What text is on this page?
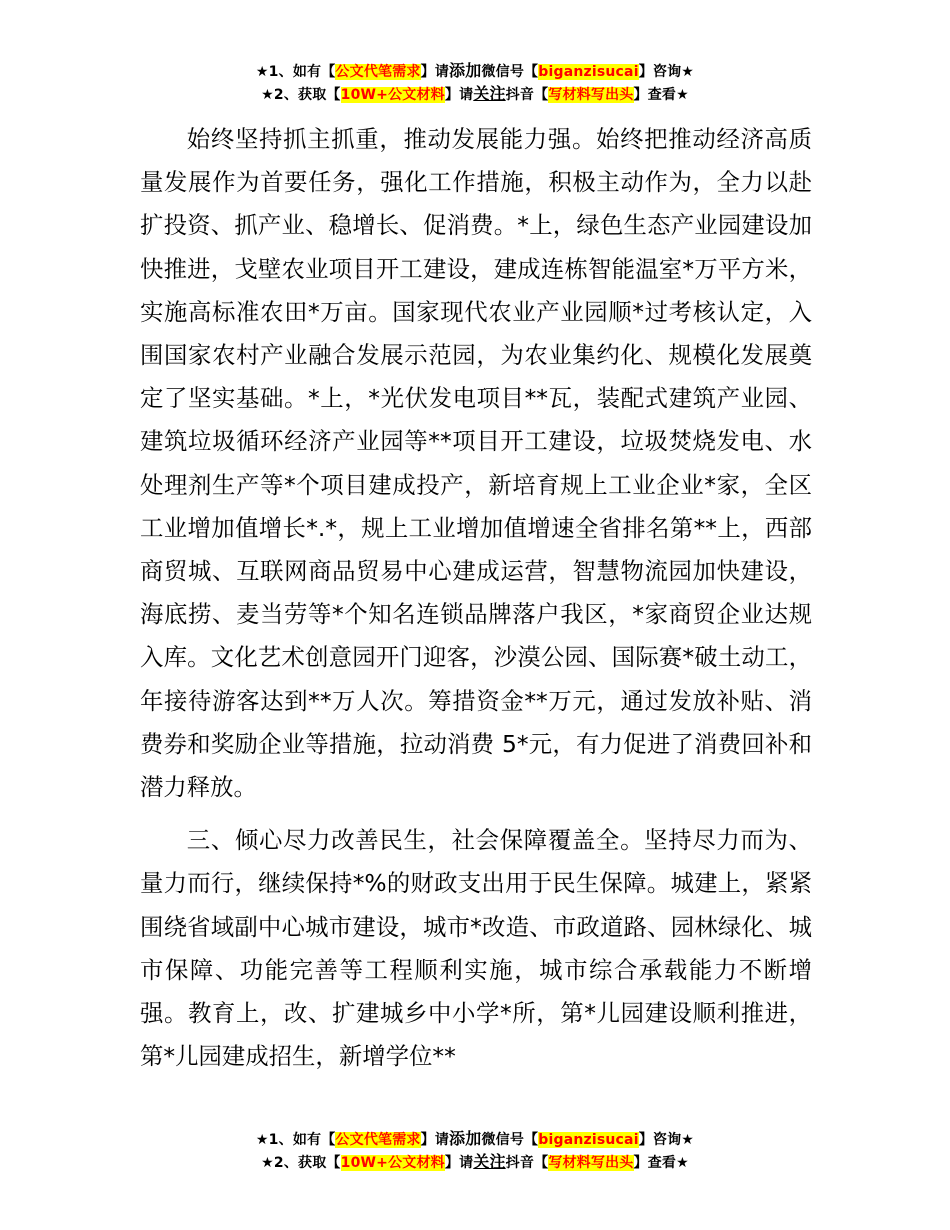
★1、如有【公文代笔需求】请添加微信号【biganzisucai】咨询★
★2、获取【10W+公文材料】请关注抖音【写材料写出头】查看★

始终坚持抓主抓重，推动发展能力强。始终把推动经济高质量发展作为首要任务，强化工作措施，积极主动作为，全力以赴扩投资、抓产业、稳增长、促消费。*上，绿色生态产业园建设加快推进，戈壁农业项目开工建设，建成连栋智能温室*万平方米，实施高标准农田*万亩。国家现代农业产业园顺*过考核认定，入围国家农村产业融合发展示范园，为农业集约化、规模化发展奠定了坚实基础。*上，*光伏发电项目**瓦，装配式建筑产业园、建筑垃圾循环经济产业园等**项目开工建设，垃圾焚烧发电、水处理剂生产等*个项目建成投产，新培育规上工业企业*家，全区工业增加值增长*.*，规上工业增加值增速全省排名第**上，西部商贸城、互联网商品贸易中心建成运营，智慧物流园加快建设，海底捞、麦当劳等*个知名连锁品牌落户我区，*家商贸企业达规入库。文化艺术创意园开门迎客，沙漠公园、国际赛*破土动工，年接待游客达到**万人次。筹措资金**万元，通过发放补贴、消费券和奖励企业等措施，拉动消费 5*元，有力促进了消费回补和潜力释放。

三、倾心尽力改善民生，社会保障覆盖全。坚持尽力而为、量力而行，继续保持*%的财政支出用于民生保障。城建上，紧紧围绕省域副中心城市建设，城市*改造、市政道路、园林绿化、城市保障、功能完善等工程顺利实施，城市综合承载能力不断增强。教育上，改、扩建城乡中小学*所，第*儿园建设顺利推进，第*儿园建成招生，新增学位**

★1、如有【公文代笔需求】请添加微信号【biganzisucai】咨询★
★2、获取【10W+公文材料】请关注抖音【写材料写出头】查看★
